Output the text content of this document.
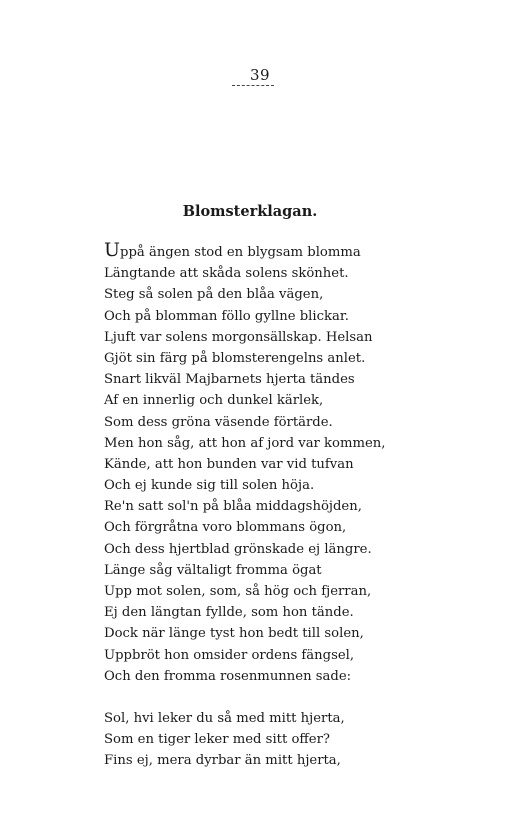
39
Blomsterklagan.
Uppå ängen stod en blygsam blomma
Längtande att skåda solens skönhet.
Steg så solen på den blåa vägen,
Och på blomman föllo gyllne blickar.
Ljuft var solens morgonsällskap. Helsan
Gjöt sin färg på blomsterengelns anlet.
Snart likväl Majbarnets hjerta tändes
Af en innerlig och dunkel kärlek,
Som dess gröna väsende förtärde.
Men hon såg, att hon af jord var kommen,
Kände, att hon bunden var vid tufvan
Och ej kunde sig till solen höja.
Re'n satt sol'n på blåa middagshöjden,
Och förgråtna voro blommans ögon,
Och dess hjertblad grönskade ej längre.
Länge såg vältaligt fromma ögat
Upp mot solen, som, så hög och fjerran,
Ej den längtan fyllde, som hon tände.
Dock när länge tyst hon bedt till solen,
Uppbröt hon omsider ordens fängsel,
Och den fromma rosenmunnen sade:
Sol, hvi leker du så med mitt hjerta,
Som en tiger leker med sitt offer?
Fins ej, mera dyrbar än mitt hjerta,
